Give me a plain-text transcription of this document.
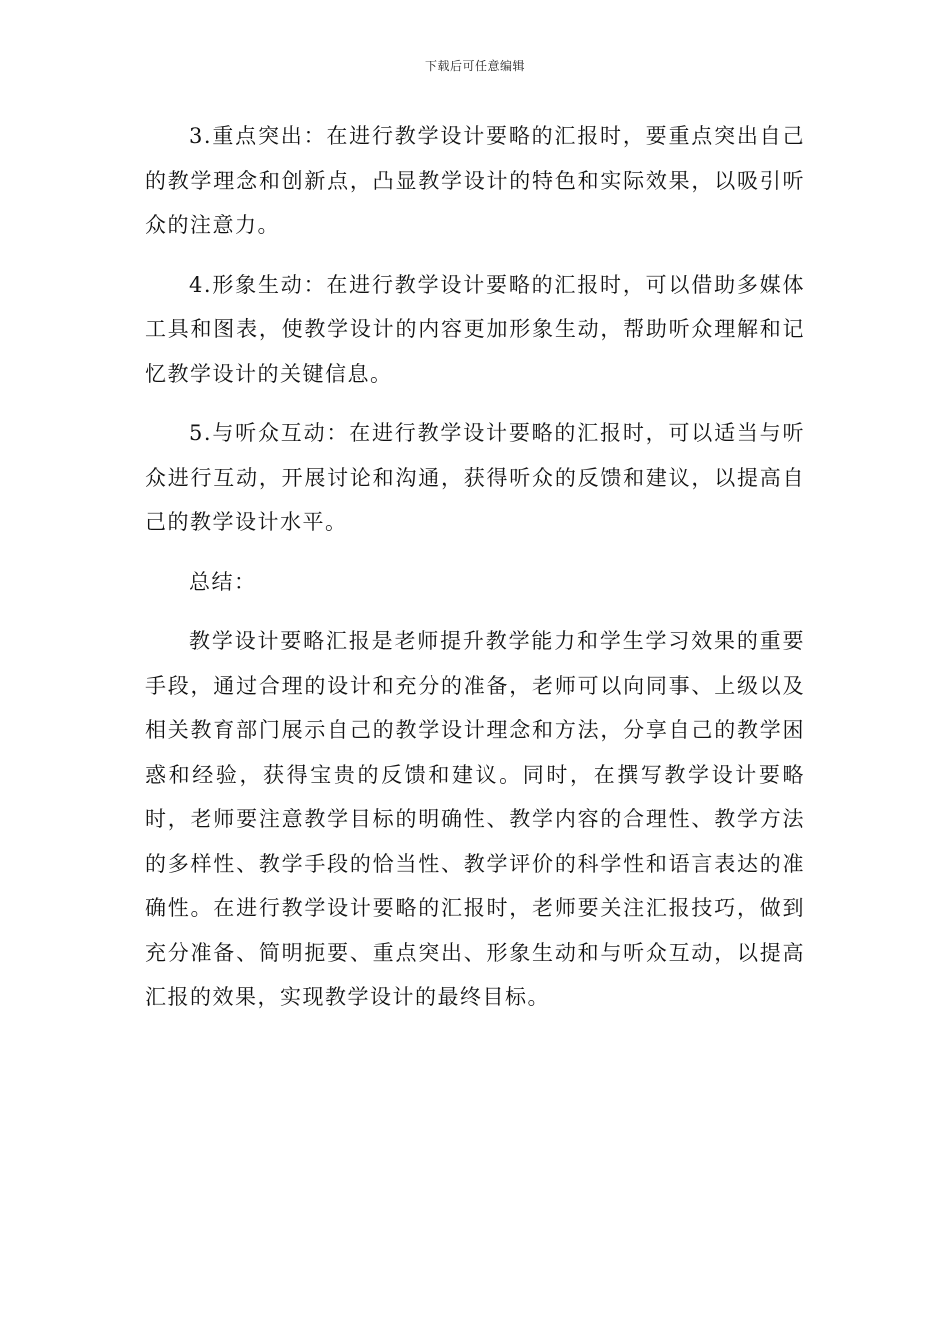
下载后可任意编辑

3.重点突出：在进行教学设计要略的汇报时，要重点突出自己的教学理念和创新点，凸显教学设计的特色和实际效果，以吸引听众的注意力。

4.形象生动：在进行教学设计要略的汇报时，可以借助多媒体工具和图表，使教学设计的内容更加形象生动，帮助听众理解和记忆教学设计的关键信息。

5.与听众互动：在进行教学设计要略的汇报时，可以适当与听众进行互动，开展讨论和沟通，获得听众的反馈和建议，以提高自己的教学设计水平。

总结：

教学设计要略汇报是老师提升教学能力和学生学习效果的重要手段，通过合理的设计和充分的准备，老师可以向同事、上级以及相关教育部门展示自己的教学设计理念和方法，分享自己的教学困惑和经验，获得宝贵的反馈和建议。同时，在撰写教学设计要略时，老师要注意教学目标的明确性、教学内容的合理性、教学方法的多样性、教学手段的恰当性、教学评价的科学性和语言表达的准确性。在进行教学设计要略的汇报时，老师要关注汇报技巧，做到充分准备、简明扼要、重点突出、形象生动和与听众互动，以提高汇报的效果，实现教学设计的最终目标。
